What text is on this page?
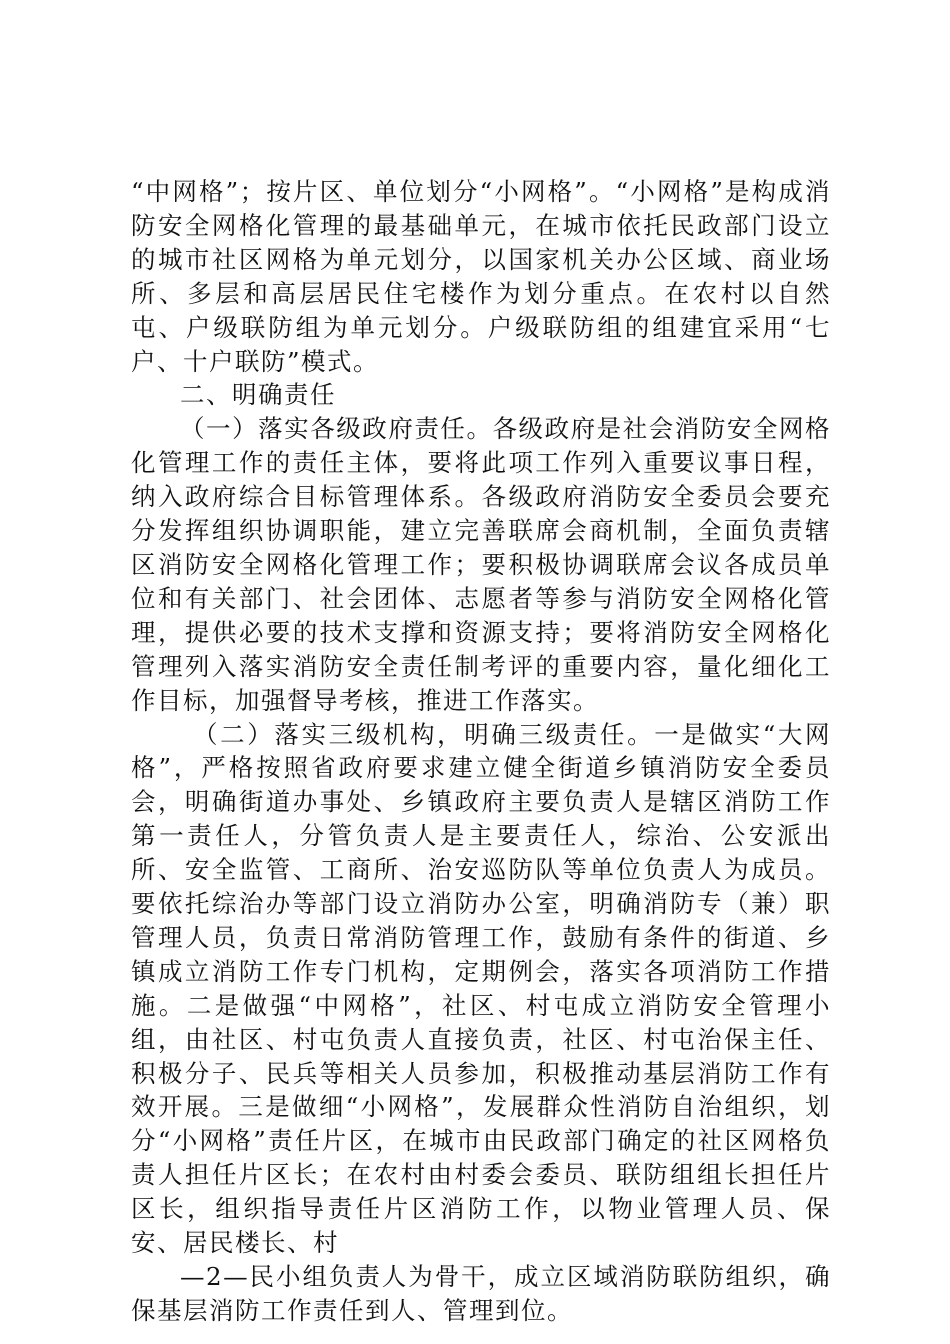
“中网格”；按片区、单位划分“小网格”。“小网格”是构成消防安全网格化管理的最基础单元，在城市依托民政部门设立的城市社区网格为单元划分，以国家机关办公区域、商业场所、多层和高层居民住宅楼作为划分重点。在农村以自然屯、户级联防组为单元划分。户级联防组的组建宜采用“七户、十户联防”模式。

二、明确责任

（一）落实各级政府责任。各级政府是社会消防安全网格化管理工作的责任主体，要将此项工作列入重要议事日程，纳入政府综合目标管理体系。各级政府消防安全委员会要充分发挥组织协调职能，建立完善联席会商机制，全面负责辖区消防安全网格化管理工作；要积极协调联席会议各成员单位和有关部门、社会团体、志愿者等参与消防安全网格化管理，提供必要的技术支撑和资源支持；要将消防安全网格化管理列入落实消防安全责任制考评的重要内容，量化细化工作目标，加强督导考核，推进工作落实。

（二）落实三级机构，明确三级责任。一是做实“大网格”，严格按照省政府要求建立健全街道乡镇消防安全委员会，明确街道办事处、乡镇政府主要负责人是辖区消防工作第一责任人，分管负责人是主要责任人，综治、公安派出所、安全监管、工商所、治安巡防队等单位负责人为成员。要依托综治办等部门设立消防办公室，明确消防专（兼）职管理人员，负责日常消防管理工作，鼓励有条件的街道、乡镇成立消防工作专门机构，定期例会，落实各项消防工作措施。二是做强“中网格”，社区、村屯成立消防安全管理小组，由社区、村屯负责人直接负责，社区、村屯治保主任、积极分子、民兵等相关人员参加，积极推动基层消防工作有效开展。三是做细“小网格”，发展群众性消防自治组织，划分“小网格”责任片区，在城市由民政部门确定的社区网格负责人担任片区长；在农村由村委会委员、联防组组长担任片区长，组织指导责任片区消防工作，以物业管理人员、保安、居民楼长、村

—2—民小组负责人为骨干，成立区域消防联防组织，确保基层消防工作责任到人、管理到位。
